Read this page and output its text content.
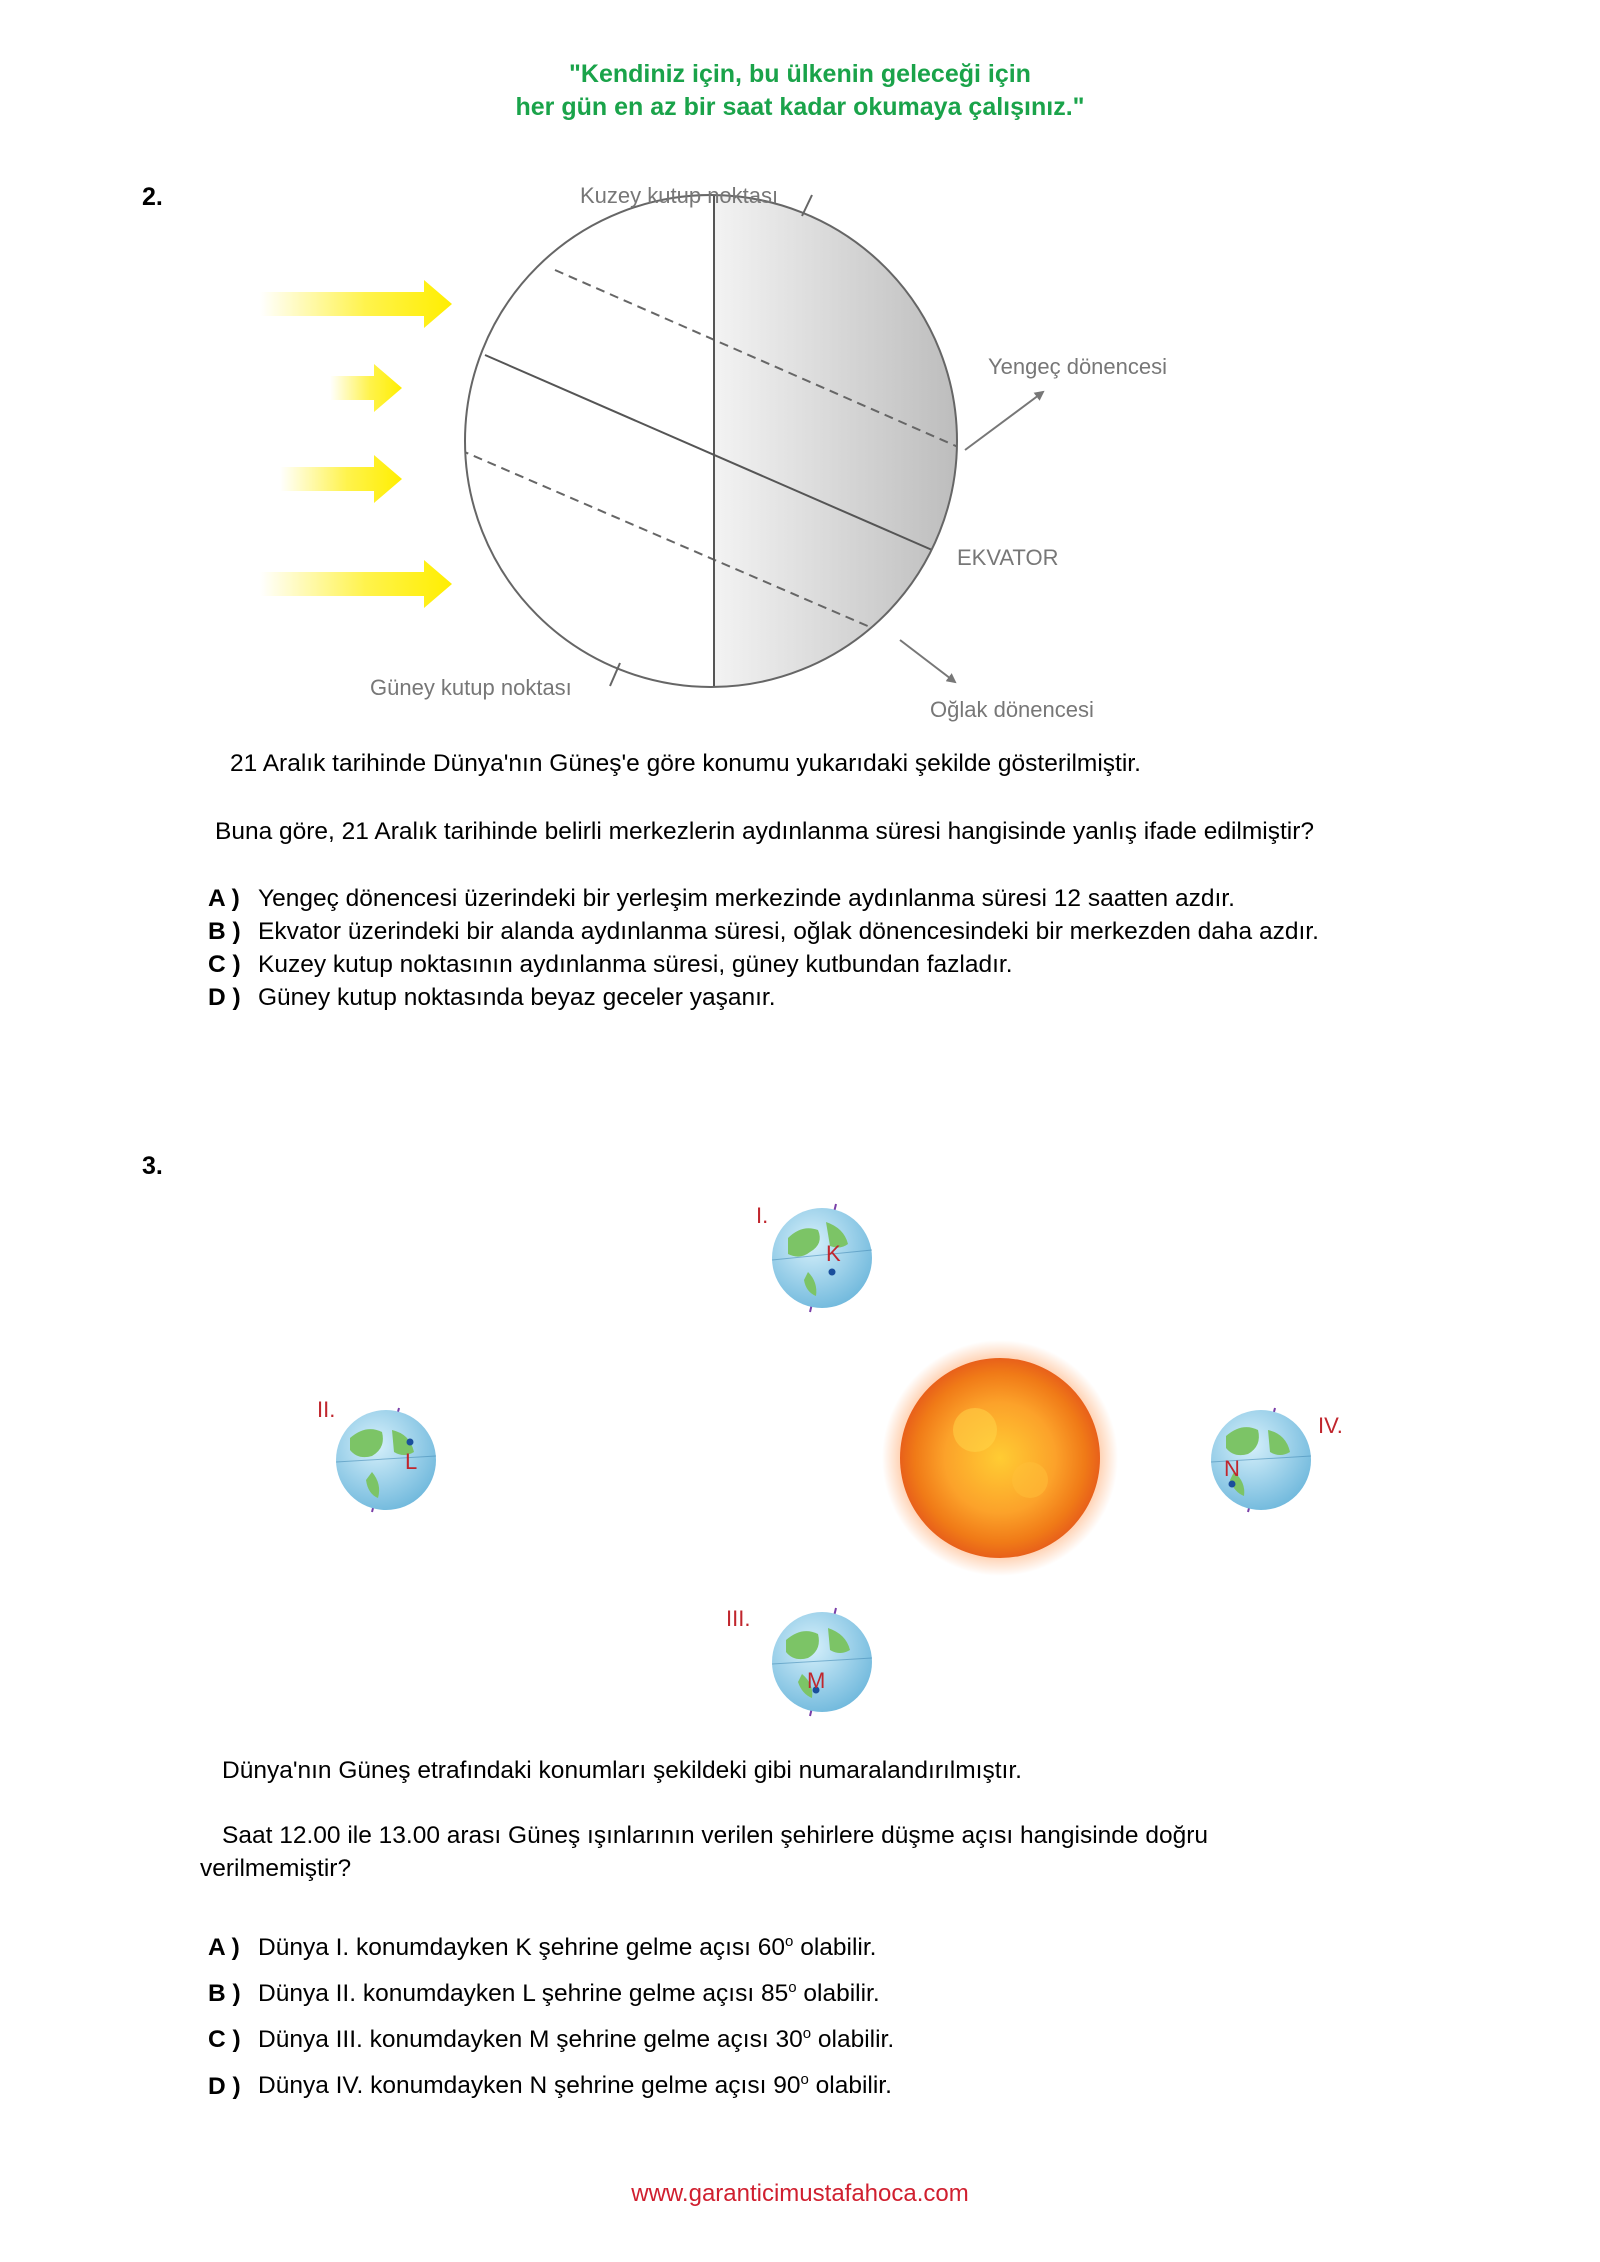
"Kendiniz için, bu ülkenin geleceği için
her gün en az bir saat kadar okumaya çalışınız."
2.	Kuzey kutup noktası
Yengeç dönencesi
EKVATOR
Güney kutup noktası
Oğlak dönencesi
21 Aralık tarihinde Dünya'nın Güneş'e göre konumu yukarıdaki şekilde gösterilmiştir.
Buna göre, 21 Aralık tarihinde belirli merkezlerin aydınlanma süresi hangisinde yanlış ifade edilmiştir?
A ) Yengeç dönencesi üzerindeki bir yerleşim merkezinde aydınlanma süresi 12 saatten azdır.
B ) Ekvator üzerindeki bir alanda aydınlanma süresi, oğlak dönencesindeki bir merkezden daha azdır.
C ) Kuzey kutup noktasının aydınlanma süresi, güney kutbundan fazladır.
D ) Güney kutup noktasında beyaz geceler yaşanır.
3.
I.
K
II.
L
III.
M
IV.
N
Dünya'nın Güneş etrafındaki konumları şekildeki gibi numaralandırılmıştır.
Saat 12.00 ile 13.00 arası Güneş ışınlarının verilen şehirlere düşme açısı hangisinde doğru
verilmemiştir?
A ) Dünya I. konumdayken K şehrine gelme açısı 60$^o$ olabilir.
B ) Dünya II. konumdayken L şehrine gelme açısı 85$^o$ olabilir.
C ) Dünya III. konumdayken M şehrine gelme açısı 30$^o$ olabilir.
D ) Dünya IV. konumdayken N şehrine gelme açısı 90$^o$ olabilir.
www.garanticimustafahoca.com
